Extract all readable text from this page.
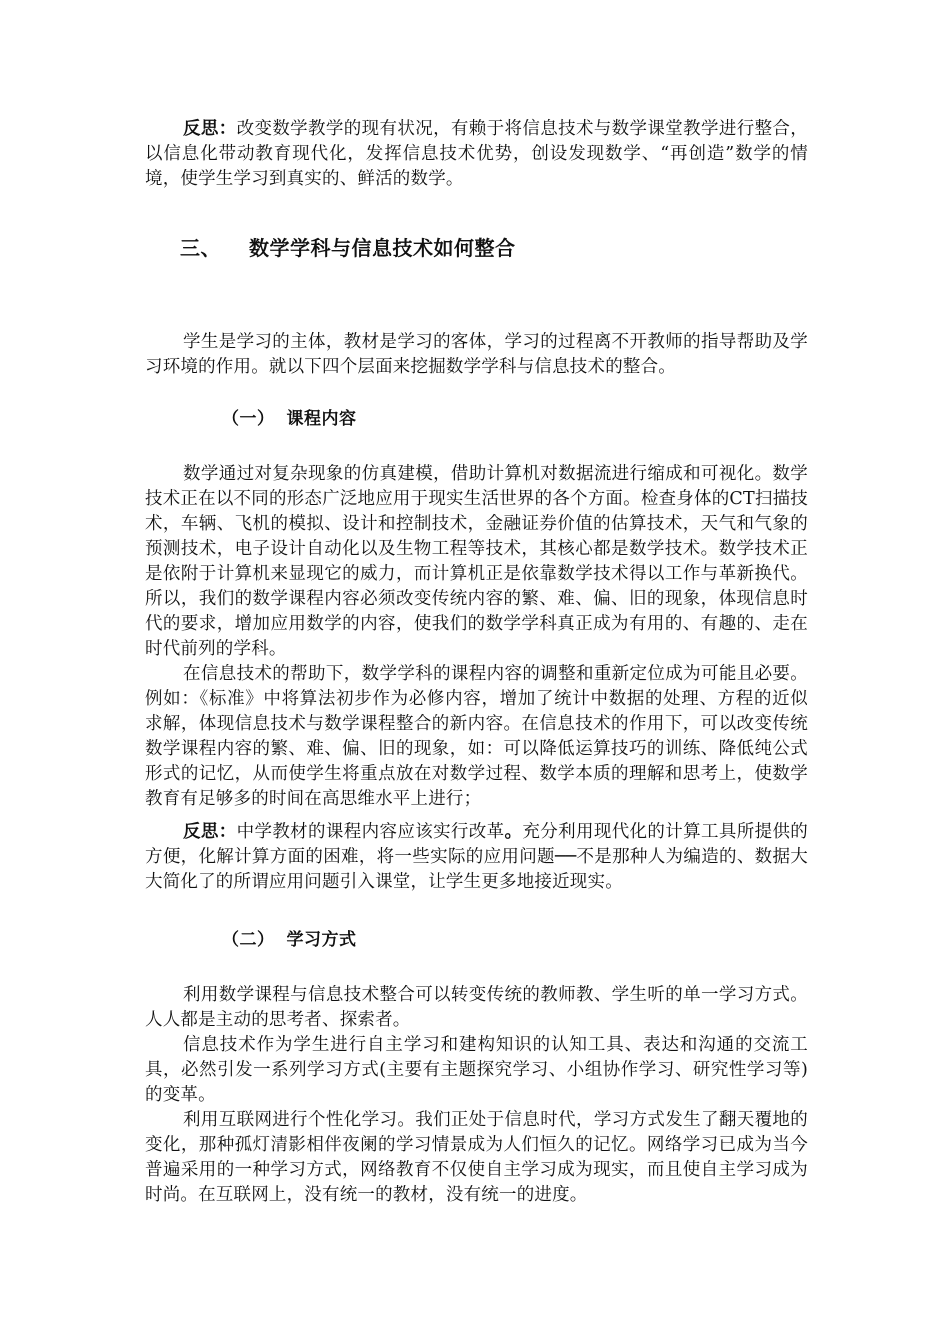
反思：改变数学教学的现有状况，有赖于将信息技术与数学课堂教学进行整合，以信息化带动教育现代化，发挥信息技术优势，创设发现数学、“再创造”数学的情境，使学生学习到真实的、鲜活的数学。

三、 数学学科与信息技术如何整合

学生是学习的主体，教材是学习的客体，学习的过程离不开教师的指导帮助及学习环境的作用。就以下四个层面来挖掘数学学科与信息技术的整合。

（一） 课程内容

数学通过对复杂现象的仿真建模，借助计算机对数据流进行缩成和可视化。数学技术正在以不同的形态广泛地应用于现实生活世界的各个方面。检查身体的CT扫描技术，车辆、飞机的模拟、设计和控制技术，金融证券价值的估算技术，天气和气象的预测技术，电子设计自动化以及生物工程等技术，其核心都是数学技术。数学技术正是依附于计算机来显现它的威力，而计算机正是依靠数学技术得以工作与革新换代。所以，我们的数学课程内容必须改变传统内容的繁、难、偏、旧的现象，体现信息时代的要求，增加应用数学的内容，使我们的数学学科真正成为有用的、有趣的、走在时代前列的学科。

在信息技术的帮助下，数学学科的课程内容的调整和重新定位成为可能且必要。例如：《标准》中将算法初步作为必修内容，增加了统计中数据的处理、方程的近似求解，体现信息技术与数学课程整合的新内容。在信息技术的作用下，可以改变传统数学课程内容的繁、难、偏、旧的现象，如：可以降低运算技巧的训练、降低纯公式形式的记忆，从而使学生将重点放在对数学过程、数学本质的理解和思考上，使数学教育有足够多的时间在高思维水平上进行；

反思：中学教材的课程内容应该实行改革。充分利用现代化的计算工具所提供的方便，化解计算方面的困难，将一些实际的应用问题──不是那种人为编造的、数据大大简化了的所谓应用问题引入课堂，让学生更多地接近现实。

（二） 学习方式

利用数学课程与信息技术整合可以转变传统的教师教、学生听的单一学习方式。人人都是主动的思考者、探索者。

信息技术作为学生进行自主学习和建构知识的认知工具、表达和沟通的交流工具，必然引发一系列学习方式(主要有主题探究学习、小组协作学习、研究性学习等)的变革。

利用互联网进行个性化学习。我们正处于信息时代，学习方式发生了翻天覆地的变化，那种孤灯清影相伴夜阑的学习情景成为人们恒久的记忆。网络学习已成为当今普遍采用的一种学习方式，网络教育不仅使自主学习成为现实，而且使自主学习成为时尚。在互联网上，没有统一的教材，没有统一的进度。
